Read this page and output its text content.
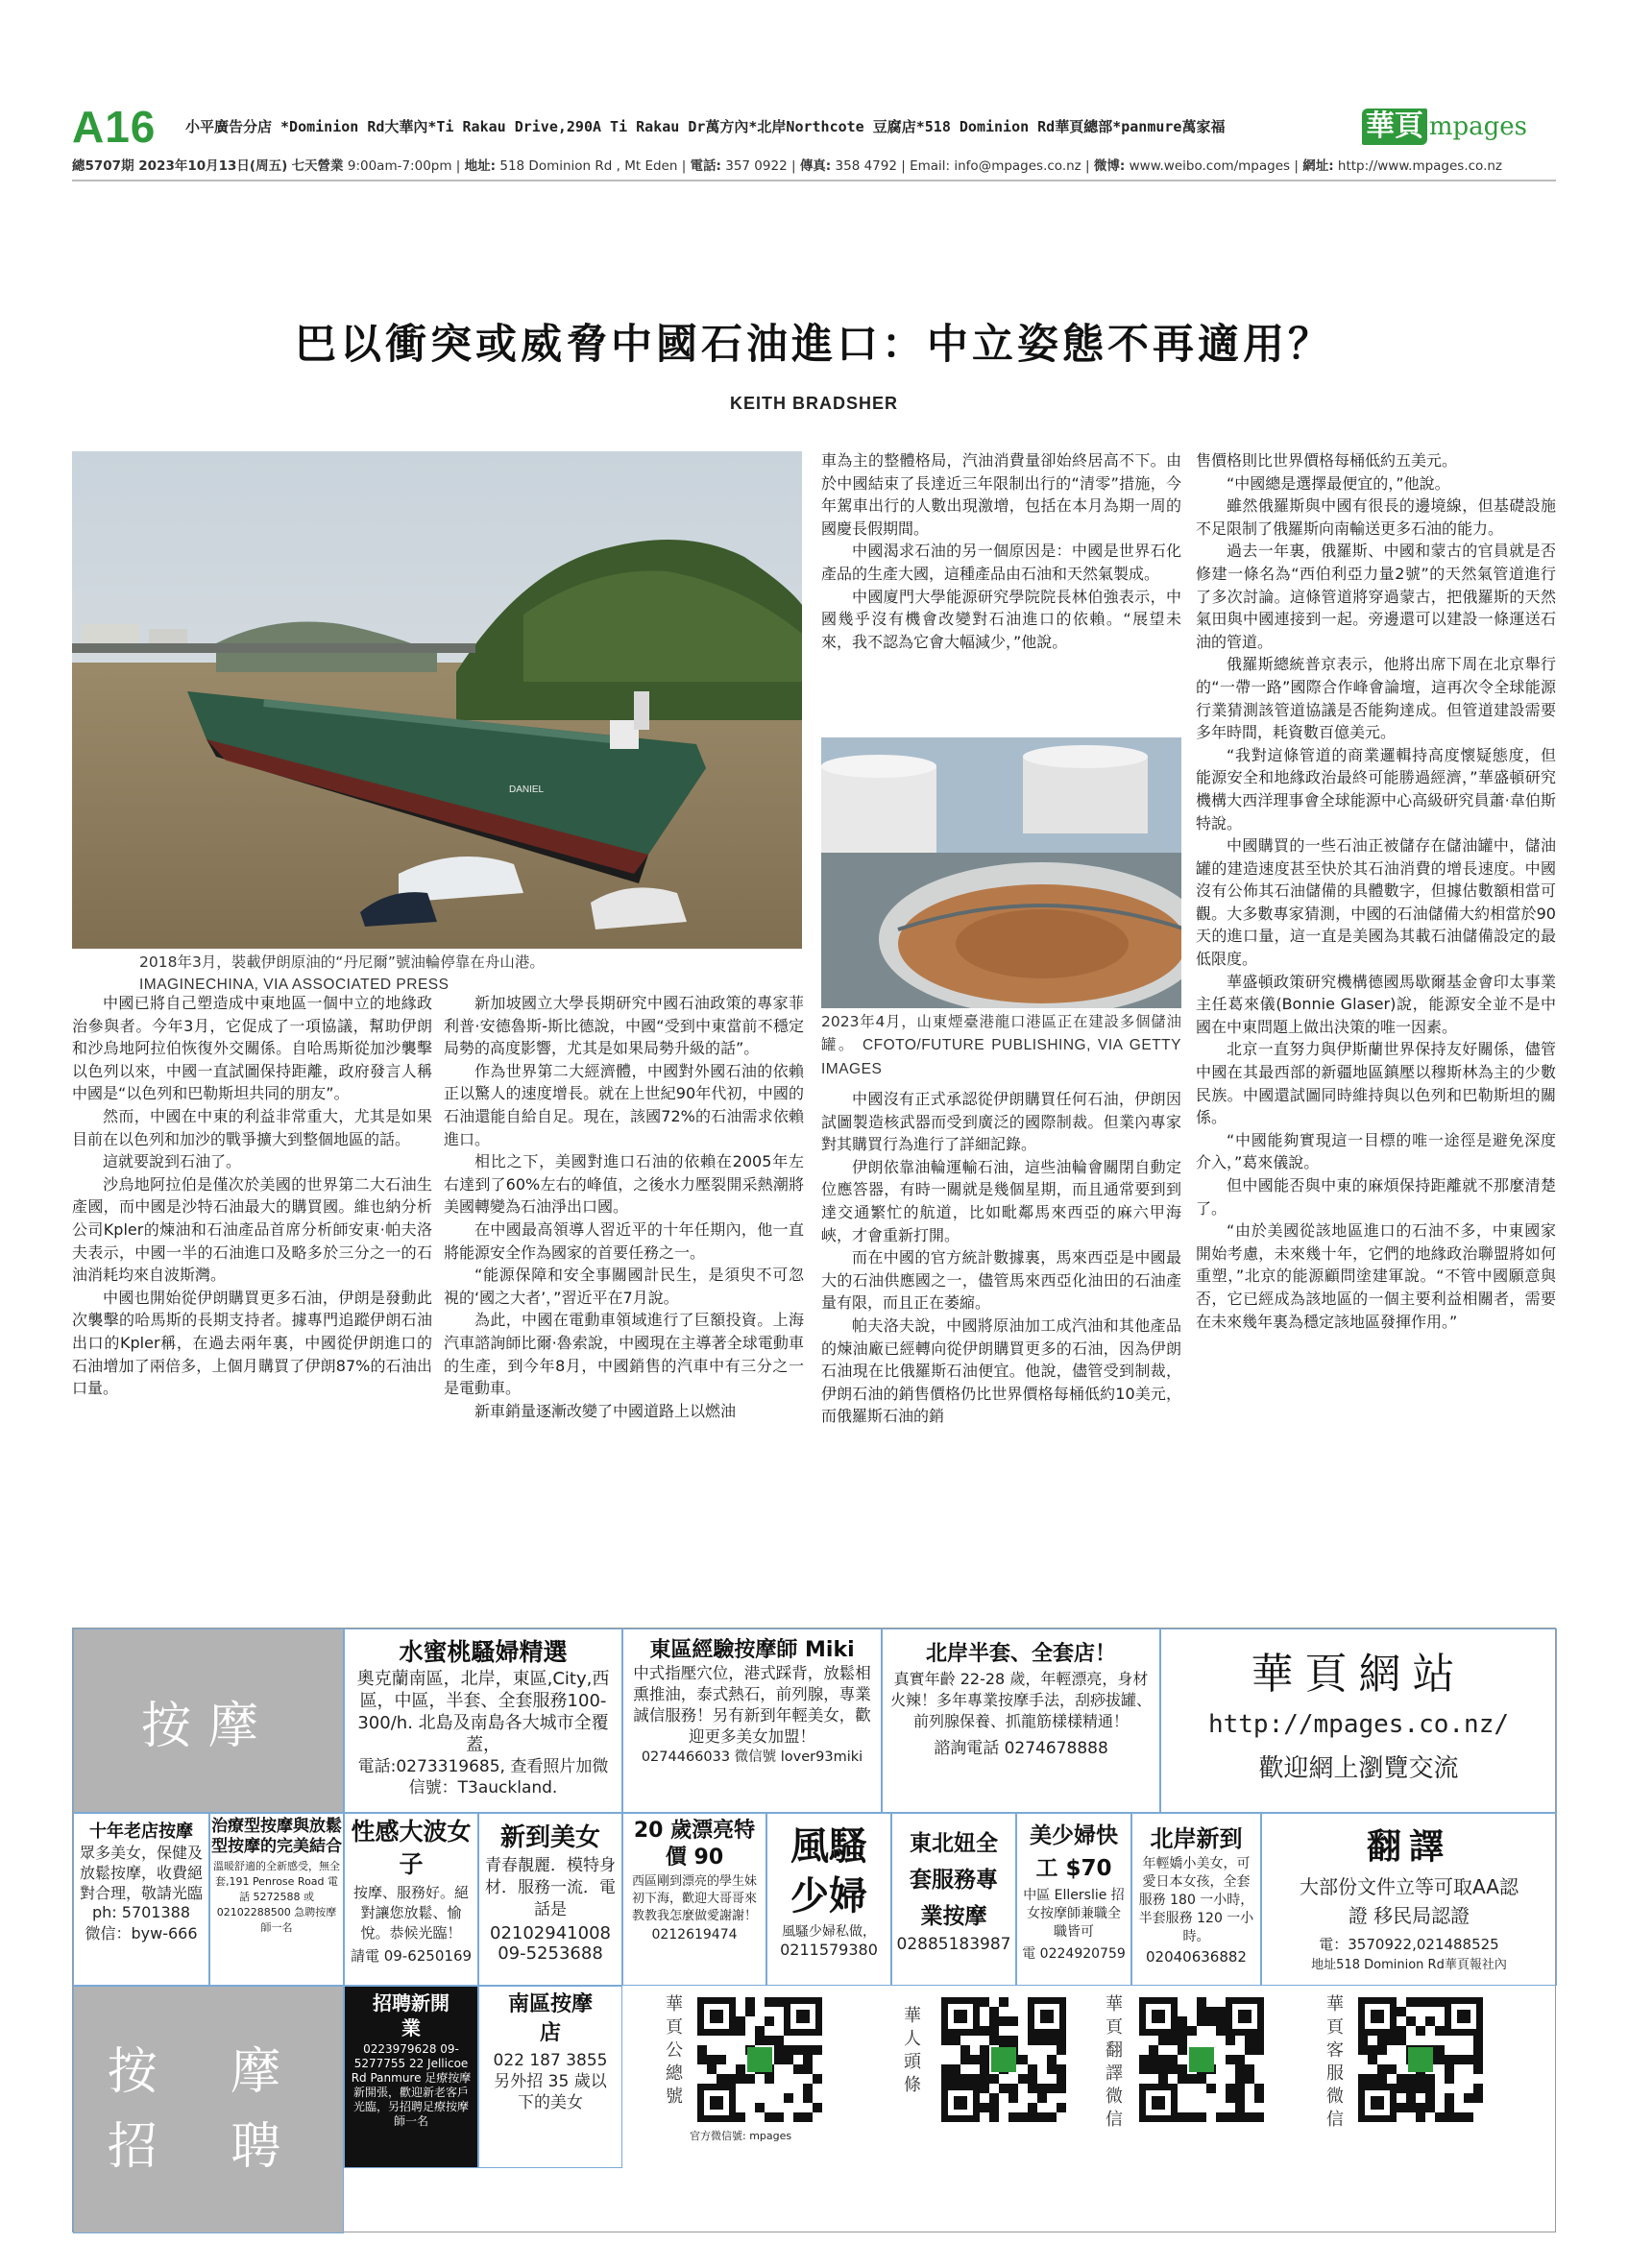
A16 小平廣告分店 *Dominion Rd大華內*Ti Rakau Drive,290A Ti Rakau Dr萬方內*北岸Northcote 豆腐店*518 Dominion Rd華頁總部*panmure萬家福	華頁 mpages
總5707期 2023年10月13日(周五) 七天營業 9:00am-7:00pm | 地址: 518 Dominion Rd , Mt Eden | 電話: 357 0922 | 傳真: 358 4792 | Email: info@mpages.co.nz | 微博: www.weibo.com/mpages | 網址: http://www.mpages.co.nz
巴以衝突或威脅中國石油進口：中立姿態不再適用？
KEITH BRADSHER
DANIEL
2018年3月，裝載伊朗原油的“丹尼爾”號油輪停靠在舟山港。
IMAGINECHINA, VIA ASSOCIATED PRESS

中國已將自己塑造成中東地區一個中立的地緣政治參與者。今年3月，它促成了一項協議，幫助伊朗和沙烏地阿拉伯恢復外交關係。自哈馬斯從加沙襲擊以色列以來，中國一直試圖保持距離，政府發言人稱中國是“以色列和巴勒斯坦共同的朋友”。

然而，中國在中東的利益非常重大，尤其是如果目前在以色列和加沙的戰爭擴大到整個地區的話。

這就要說到石油了。

沙烏地阿拉伯是僅次於美國的世界第二大石油生產國，而中國是沙特石油最大的購買國。維也納分析公司Kpler的煉油和石油產品首席分析師安東·帕夫洛夫表示，中國一半的石油進口及略多於三分之一的石油消耗均來自波斯灣。

中國也開始從伊朗購買更多石油，伊朗是發動此次襲擊的哈馬斯的長期支持者。據專門追蹤伊朗石油出口的Kpler稱，在過去兩年裏，中國從伊朗進口的石油增加了兩倍多，上個月購買了伊朗87%的石油出口量。

新加坡國立大學長期研究中國石油政策的專家菲利普·安德魯斯-斯比德說，中國“受到中東當前不穩定局勢的高度影響，尤其是如果局勢升級的話”。

作為世界第二大經濟體，中國對外國石油的依賴正以驚人的速度增長。就在上世紀90年代初，中國的石油還能自給自足。現在，該國72%的石油需求依賴進口。

相比之下，美國對進口石油的依賴在2005年左右達到了60%左右的峰值，之後水力壓裂開采熱潮將美國轉變為石油淨出口國。

在中國最高領導人習近平的十年任期內，他一直將能源安全作為國家的首要任務之一。

“能源保障和安全事關國計民生，是須臾不可忽視的‘國之大者’，”習近平在7月說。

為此，中國在電動車領域進行了巨額投資。上海汽車諮詢師比爾·魯索說，中國現在主導著全球電動車的生產，到今年8月，中國銷售的汽車中有三分之一是電動車。

新車銷量逐漸改變了中國道路上以燃油

車為主的整體格局，汽油消費量卻始終居高不下。由於中國結束了長達近三年限制出行的“清零”措施，今年駕車出行的人數出現激增，包括在本月為期一周的國慶長假期間。

中國渴求石油的另一個原因是：中國是世界石化產品的生產大國，這種產品由石油和天然氣製成。

中國廈門大學能源研究學院院長林伯強表示，中國幾乎沒有機會改變對石油進口的依賴。“展望未來，我不認為它會大幅減少，”他說。

2023年4月，山東煙臺港龍口港區正在建設多個儲油罐。 CFOTO/FUTURE PUBLISHING, VIA GETTY IMAGES

中國沒有正式承認從伊朗購買任何石油，伊朗因試圖製造核武器而受到廣泛的國際制裁。但業內專家對其購買行為進行了詳細記錄。

伊朗依靠油輪運輸石油，這些油輪會關閉自動定位應答器，有時一關就是幾個星期，而且通常要到到達交通繁忙的航道，比如毗鄰馬來西亞的麻六甲海峽，才會重新打開。

而在中國的官方統計數據裏，馬來西亞是中國最大的石油供應國之一，儘管馬來西亞化油田的石油產量有限，而且正在萎縮。

帕夫洛夫說，中國將原油加工成汽油和其他產品的煉油廠已經轉向從伊朗購買更多的石油，因為伊朗石油現在比俄羅斯石油便宜。他說，儘管受到制裁，伊朗石油的銷售價格仍比世界價格每桶低約10美元，而俄羅斯石油的銷

售價格則比世界價格每桶低約五美元。

“中國總是選擇最便宜的，”他說。

雖然俄羅斯與中國有很長的邊境線，但基礎設施不足限制了俄羅斯向南輸送更多石油的能力。

過去一年裏，俄羅斯、中國和蒙古的官員就是否修建一條名為“西伯利亞力量2號”的天然氣管道進行了多次討論。這條管道將穿過蒙古，把俄羅斯的天然氣田與中國連接到一起。旁邊還可以建設一條運送石油的管道。

俄羅斯總統普京表示，他將出席下周在北京舉行的“一帶一路”國際合作峰會論壇，這再次令全球能源行業猜測該管道協議是否能夠達成。但管道建設需要多年時間，耗資數百億美元。

“我對這條管道的商業邏輯持高度懷疑態度，但能源安全和地緣政治最終可能勝過經濟，”華盛頓研究機構大西洋理事會全球能源中心高級研究員蕭·韋伯斯特說。

中國購買的一些石油正被儲存在儲油罐中，儲油罐的建造速度甚至快於其石油消費的增長速度。中國沒有公佈其石油儲備的具體數字，但據估數額相當可觀。大多數專家猜測，中國的石油儲備大約相當於90天的進口量，這一直是美國為其載石油儲備設定的最低限度。

華盛頓政策研究機構德國馬歇爾基金會印太事業主任葛來儀(Bonnie Glaser)說，能源安全並不是中國在中東問題上做出決策的唯一因素。

北京一直努力與伊斯蘭世界保持友好關係，儘管中國在其最西部的新疆地區鎮壓以穆斯林為主的少數民族。中國還試圖同時維持與以色列和巴勒斯坦的關係。

“中國能夠實現這一目標的唯一途徑是避免深度介入，”葛來儀說。

但中國能否與中東的麻煩保持距離就不那麼清楚了。

“由於美國從該地區進口的石油不多，中東國家開始考慮，未來幾十年，它們的地緣政治聯盟將如何重塑，”北京的能源顧問塗建軍說。“不管中國願意與否，它已經成為該地區的一個主要利益相關者，需要在未來幾年裏為穩定該地區發揮作用。”

按摩
水蜜桃騷婦精選
奧克蘭南區，北岸，東區,City,西區，中區，半套、全套服務100-300/h. 北島及南島各大城市全覆蓋，
電話:0273319685, 查看照片加微信號：T3auckland.
東區經驗按摩師 Miki
中式指壓穴位，港式踩背，放鬆相熏推油，泰式熱石，前列腺，專業誠信服務！另有新到年輕美女，歡迎更多美女加盟！
0274466033 微信號 lover93miki
北岸半套、全套店！
真實年齡 22-28 歲，年輕漂亮，身材火辣！多年專業按摩手法，刮痧拔罐、前列腺保養、抓龍筋樣樣精通！
諮詢電話 0274678888
華頁網站
http://mpages.co.nz/
歡迎網上瀏覽交流
十年老店按摩
眾多美女，保健及放鬆按摩，收費絕對合理，敬請光臨
ph: 5701388
微信：byw-666
治療型按摩與放鬆型按摩的完美結合
溫暖舒適的全新感受，無全套,191 Penrose Road 電話 5272588 或 02102288500 急聘按摩師一名
性感大波女子
按摩、服務好。絕對讓您放鬆、愉悅。恭候光臨！
請電 09-6250169
新到美女
青春靚麗．模特身材．服務一流．電話是
02102941008
09-5253688
20 歲漂亮特價 90
西區剛到漂亮的學生妹初下海，歡迎大哥哥來教教我怎麼做愛謝謝！
0212619474
風騷少婦
風騷少婦私做，
0211579380
東北妞全套服務專業按摩
02885183987
美少婦快工 $70
中區 Ellerslie 招女按摩師兼職全職皆可
電 0224920759
北岸新到
年輕嬌小美女，可愛日本女孩，全套服務 180 一小時，半套服務 120 一小時。
02040636882
翻譯
大部份文件立等可取AA認證 移民局認證
電：3570922,021488525
地址518 Dominion Rd華頁報社內
按 摩
招 聘
招聘新開業
0223979628 09-5277755 22 Jellicoe Rd Panmure 足療按摩新開張，歡迎新老客戶光臨，另招聘足療按摩師一名
南區按摩店
022 187 3855 另外招 35 歲以下的美女
華頁公總號
官方微信號: mpages
華人頭條
華頁翻譯微信
華頁客服微信
